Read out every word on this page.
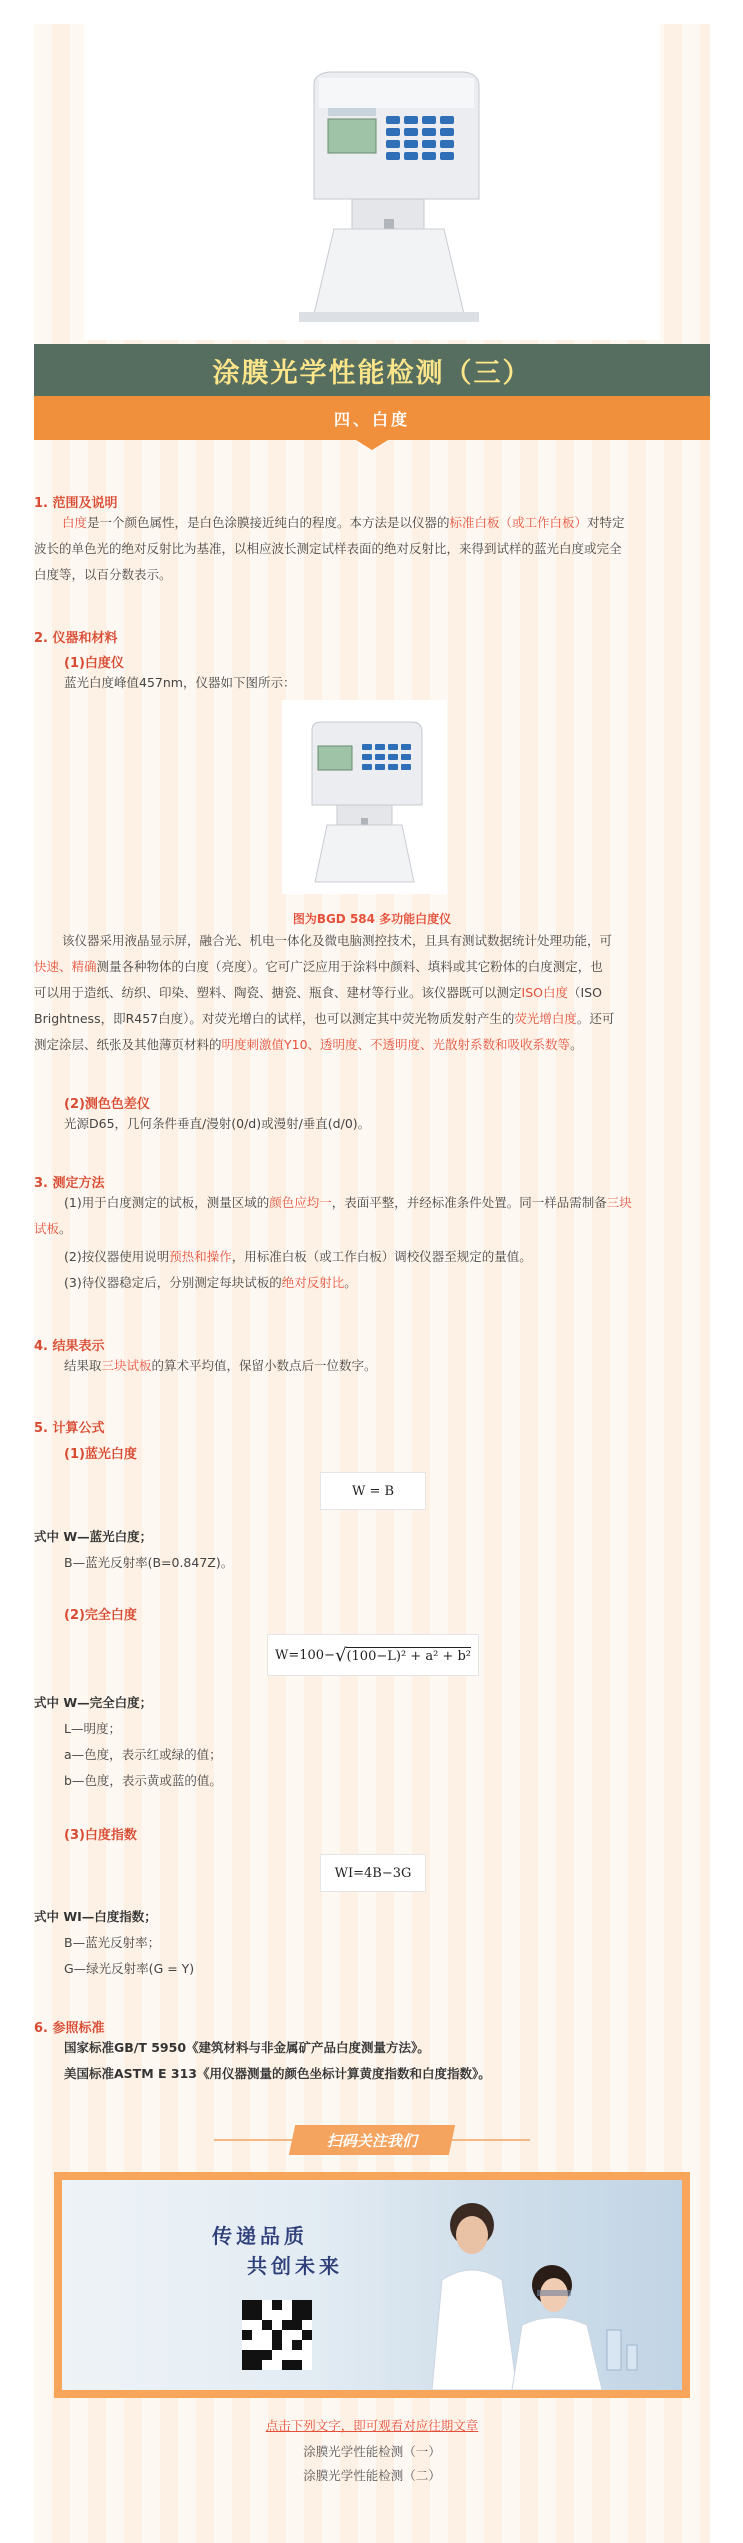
涂膜光学性能检测（三）
四、白度
1. 范围及说明
白度是一个颜色属性，是白色涂膜接近纯白的程度。本方法是以仪器的标准白板（或工作白板）对特定
波长的单色光的绝对反射比为基准，以相应波长测定试样表面的绝对反射比，来得到试样的蓝光白度或完全
白度等，以百分数表示。
2. 仪器和材料
(1)白度仪
蓝光白度峰值457nm，仪器如下图所示：
图为BGD 584 多功能白度仪
该仪器采用液晶显示屏，融合光、机电一体化及微电脑测控技术，且具有测试数据统计处理功能，可
快速、精确测量各种物体的白度（亮度）。它可广泛应用于涂料中颜料、填料或其它粉体的白度测定，也
可以用于造纸、纺织、印染、塑料、陶瓷、搪瓷、瓶食、建材等行业。该仪器既可以测定ISO白度（ISO
Brightness，即R457白度）。对荧光增白的试样，也可以测定其中荧光物质发射产生的荧光增白度。还可
测定涂层、纸张及其他薄页材料的明度刺激值Y10、透明度、不透明度、光散射系数和吸收系数等。
(2)测色色差仪
光源D65，几何条件垂直/漫射(0/d)或漫射/垂直(d/0)。
3. 测定方法
(1)用于白度测定的试板，测量区域的颜色应均一，表面平整，并经标准条件处置。同一样品需制备三块
试板。
(2)按仪器使用说明预热和操作，用标准白板（或工作白板）调校仪器至规定的量值。
(3)待仪器稳定后，分别测定每块试板的绝对反射比。
4. 结果表示
结果取三块试板的算术平均值，保留小数点后一位数字。
5. 计算公式
(1)蓝光白度
W = B
式中 W—蓝光白度；
B—蓝光反射率(B=0.847Z)。
(2)完全白度
W=100− √ (100−L)² + a² + b²
式中 W—完全白度；
L—明度；
a—色度，表示红或绿的值；
b—色度，表示黄或蓝的值。
(3)白度指数
WI=4B−3G
式中 WI—白度指数；
B—蓝光反射率；
G—绿光反射率(G = Y)
6. 参照标准
国家标准GB/T 5950《建筑材料与非金属矿产品白度测量方法》。
美国标准ASTM E 313《用仪器测量的颜色坐标计算黄度指数和白度指数》。
扫码关注我们
传递品质
共创未来
点击下列文字，即可观看对应往期文章
涂膜光学性能检测（一）
涂膜光学性能检测（二）
